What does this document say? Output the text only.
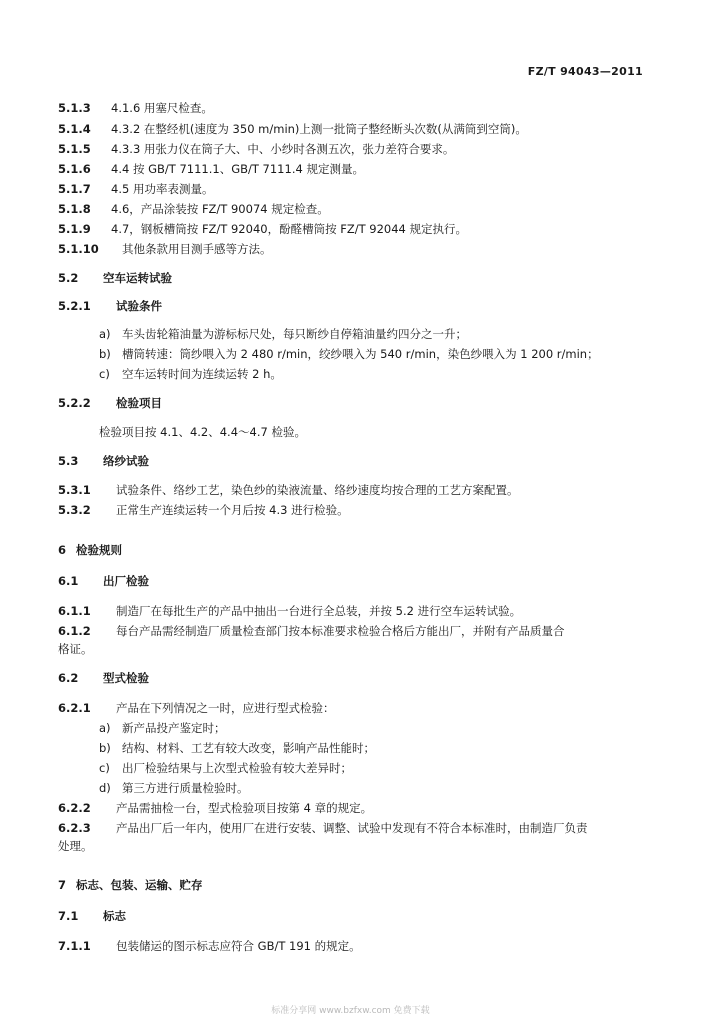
FZ/T 94043—2011
5.1.3 4.1.6 用塞尺检查。
5.1.4 4.3.2 在整经机(速度为 350 m/min)上测一批筒子整经断头次数(从满筒到空筒)。
5.1.5 4.3.3 用张力仪在筒子大、中、小纱时各测五次，张力差符合要求。
5.1.6 4.4 按 GB/T 7111.1、GB/T 7111.4 规定测量。
5.1.7 4.5 用功率表测量。
5.1.8 4.6，产品涂装按 FZ/T 90074 规定检查。
5.1.9 4.7，钢板槽筒按 FZ/T 92040，酚醛槽筒按 FZ/T 92044 规定执行。
5.1.10 其他条款用目测手感等方法。
5.2 空车运转试验
5.2.1 试验条件
a) 车头齿轮箱油量为游标标尺处，每只断纱自停箱油量约四分之一升；
b) 槽筒转速：筒纱喂入为 2 480 r/min，绞纱喂入为 540 r/min，染色纱喂入为 1 200 r/min；
c) 空车运转时间为连续运转 2 h。
5.2.2 检验项目
检验项目按 4.1、4.2、4.4～4.7 检验。
5.3 络纱试验
5.3.1 试验条件、络纱工艺，染色纱的染液流量、络纱速度均按合理的工艺方案配置。
5.3.2 正常生产连续运转一个月后按 4.3 进行检验。
6 检验规则
6.1 出厂检验
6.1.1 制造厂在每批生产的产品中抽出一台进行全总装，并按 5.2 进行空车运转试验。
6.1.2 每台产品需经制造厂质量检查部门按本标准要求检验合格后方能出厂，并附有产品质量合
格证。
6.2 型式检验
6.2.1 产品在下列情况之一时，应进行型式检验：
a) 新产品投产鉴定时；
b) 结构、材料、工艺有较大改变，影响产品性能时；
c) 出厂检验结果与上次型式检验有较大差异时；
d) 第三方进行质量检验时。
6.2.2 产品需抽检一台，型式检验项目按第 4 章的规定。
6.2.3 产品出厂后一年内，使用厂在进行安装、调整、试验中发现有不符合本标准时，由制造厂负责
处理。
7 标志、包装、运输、贮存
7.1 标志
7.1.1 包装储运的图示标志应符合 GB/T 191 的规定。
标准分享网 www.bzfxw.com 免费下载
